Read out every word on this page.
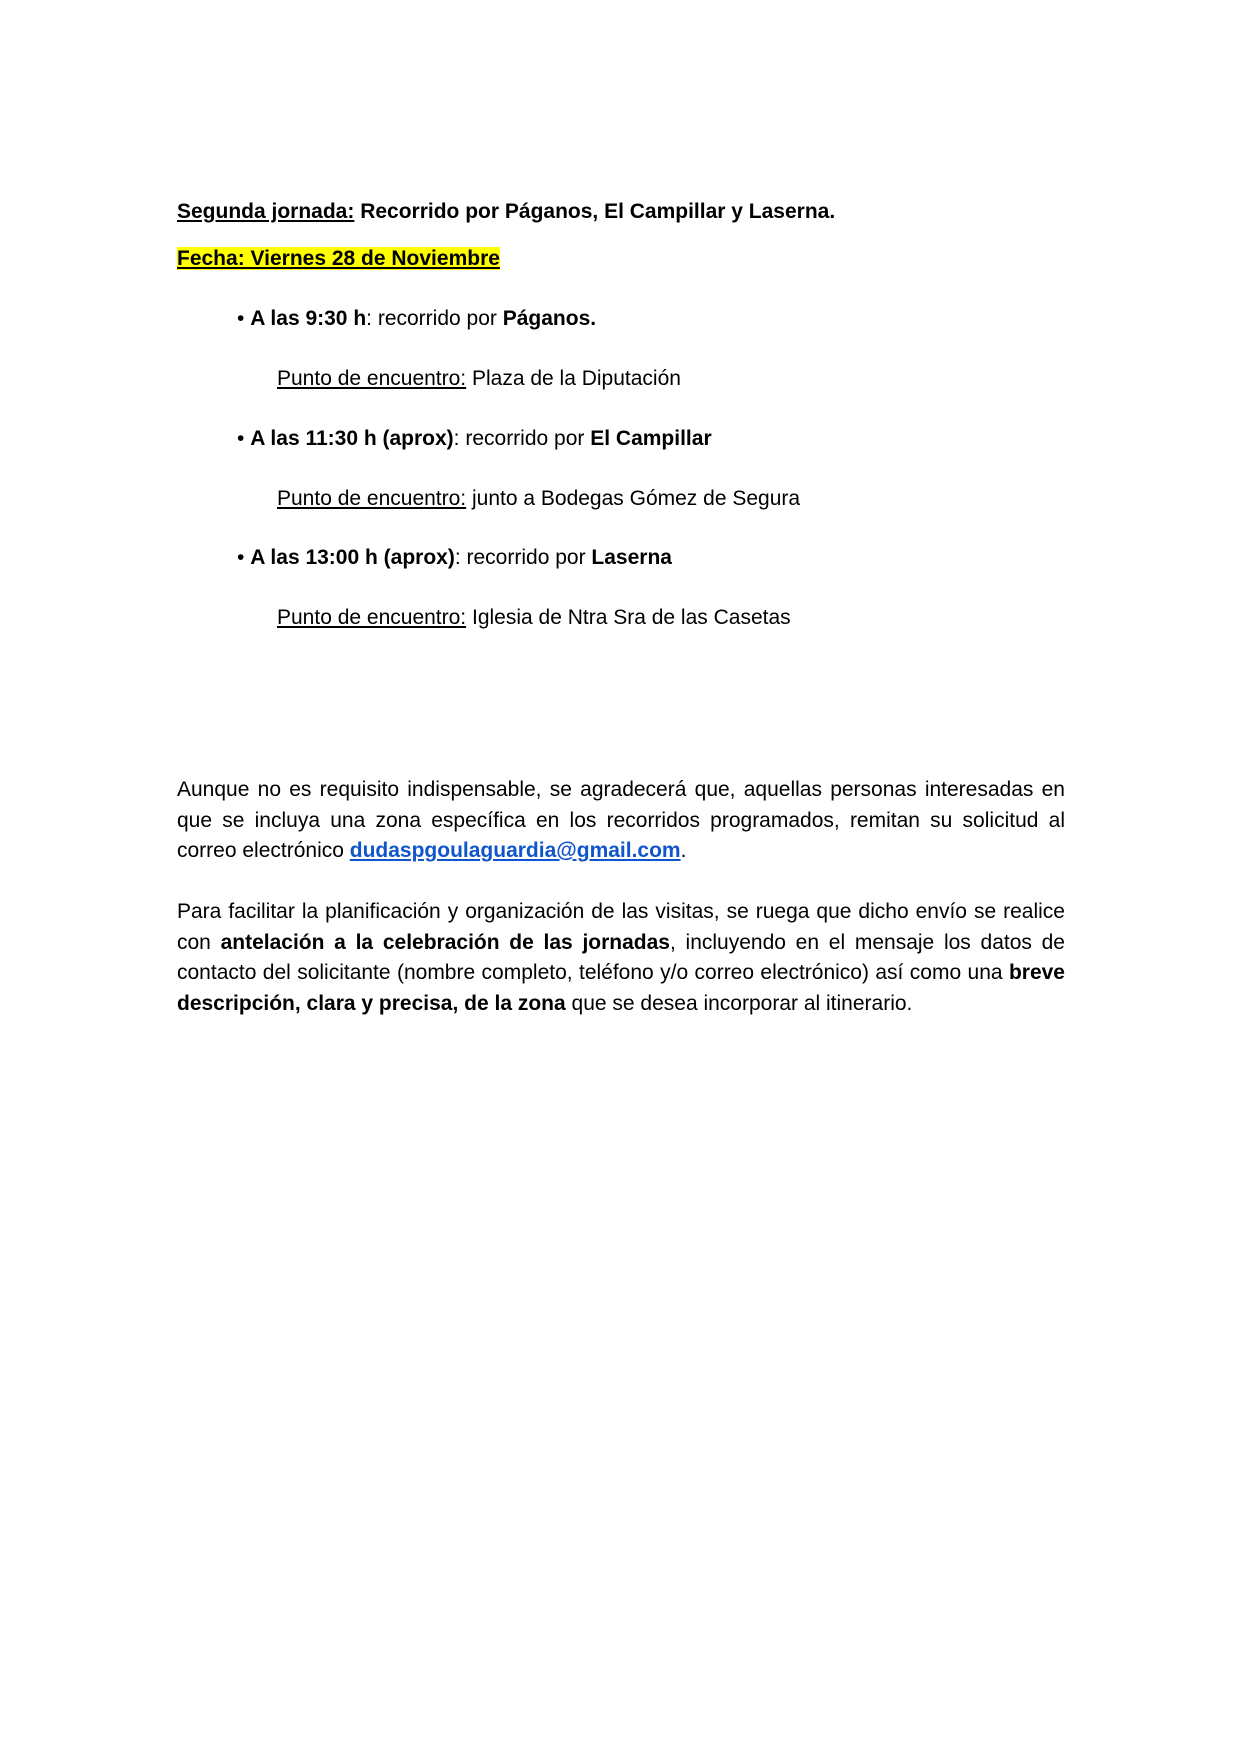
Segunda jornada: Recorrido por Páganos, El Campillar y Laserna.
Fecha: Viernes 28 de Noviembre
• A las 9:30 h: recorrido por Páganos.
Punto de encuentro: Plaza de la Diputación
• A las 11:30 h (aprox): recorrido por El Campillar
Punto de encuentro: junto a Bodegas Gómez de Segura
• A las 13:00 h (aprox): recorrido por Laserna
Punto de encuentro: Iglesia de Ntra Sra de las Casetas

Aunque no es requisito indispensable, se agradecerá que, aquellas personas interesadas en que se incluya una zona específica en los recorridos programados, remitan su solicitud al correo electrónico dudaspgoulaguardia@gmail.com.

Para facilitar la planificación y organización de las visitas, se ruega que dicho envío se realice con antelación a la celebración de las jornadas, incluyendo en el mensaje los datos de contacto del solicitante (nombre completo, teléfono y/o correo electrónico) así como una breve descripción, clara y precisa, de la zona que se desea incorporar al itinerario.
